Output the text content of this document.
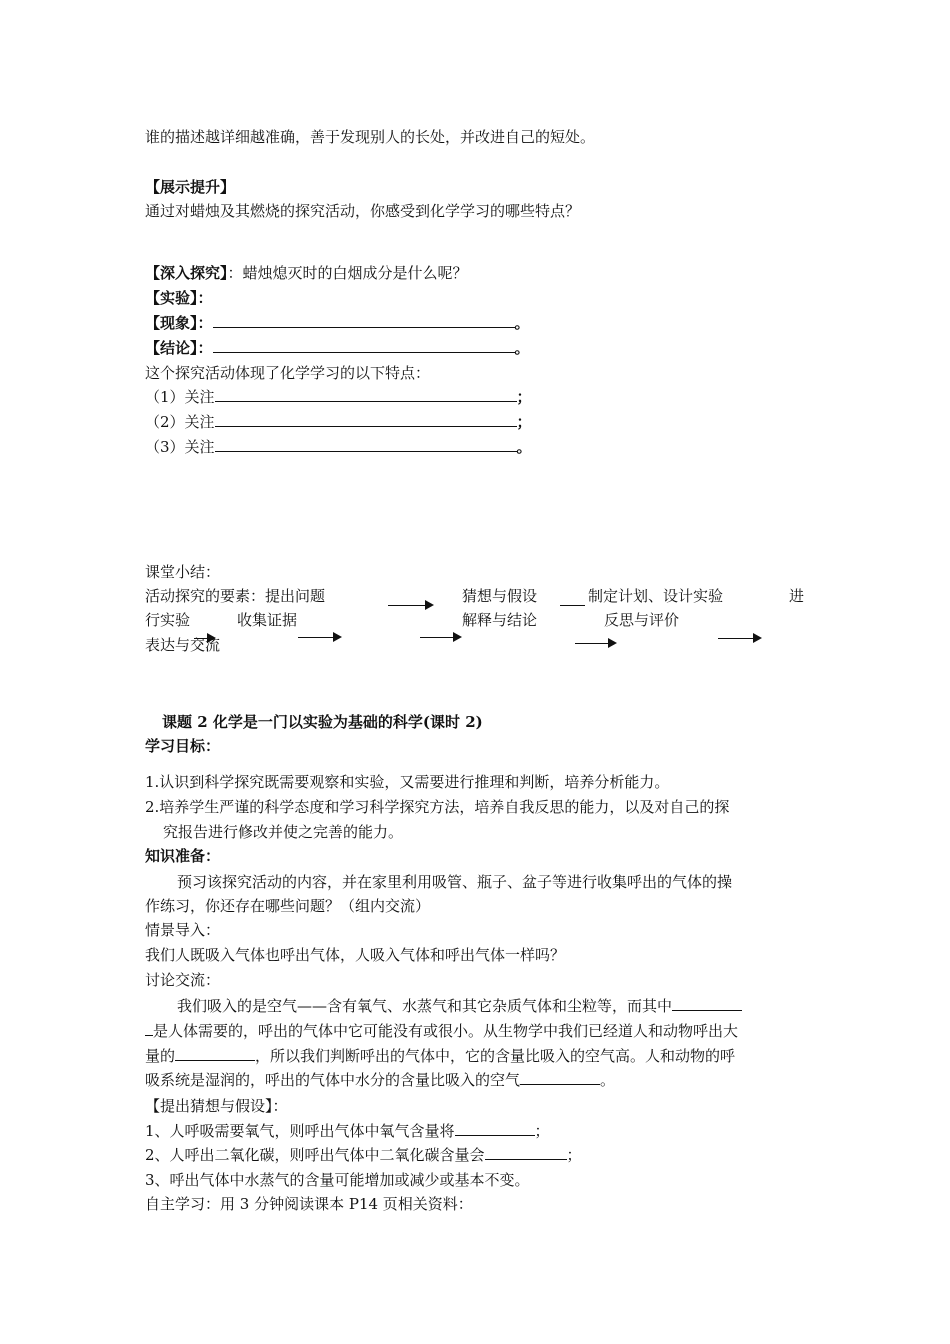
谁的描述越详细越准确，善于发现别人的长处，并改进自己的短处。
【展示提升】
通过对蜡烛及其燃烧的探究活动，你感受到化学学习的哪些特点？
【深入探究】：蜡烛熄灭时的白烟成分是什么呢？
【实验】：
【现象】：	。
【结论】：	。
这个探究活动体现了化学学习的以下特点：
（1）关注	；
（2）关注	；
（3）关注	。
课堂小结：
活动探究的要素：提出问题	猜想与假设	制定计划、设计实验	进
行实验	收集证据	解释与结论	反思与评价
表达与交流
课题 2 化学是一门以实验为基础的科学(课时 2)
学习目标：
1.认识到科学探究既需要观察和实验，又需要进行推理和判断，培养分析能力。
2.培养学生严谨的科学态度和学习科学探究方法，培养自我反思的能力，以及对自己的探
究报告进行修改并使之完善的能力。
知识准备：
预习该探究活动的内容，并在家里利用吸管、瓶子、盆子等进行收集呼出的气体的操
作练习，你还存在哪些问题？（组内交流）
情景导入：
我们人既吸入气体也呼出气体，人吸入气体和呼出气体一样吗？
讨论交流：
我们吸入的是空气——含有氧气、水蒸气和其它杂质气体和尘粒等，而其中
是人体需要的，呼出的气体中它可能没有或很小。从生物学中我们已经道人和动物呼出大
量的	，所以我们判断呼出的气体中，它的含量比吸入的空气高。人和动物的呼
吸系统是湿润的，呼出的气体中水分的含量比吸入的空气	。
【提出猜想与假设】：
1、人呼吸需要氧气，则呼出气体中氧气含量将	；
2、人呼出二氧化碳，则呼出气体中二氧化碳含量会	；
3、呼出气体中水蒸气的含量可能增加或减少或基本不变。
自主学习：用 3 分钟阅读课本 P14 页相关资料：
